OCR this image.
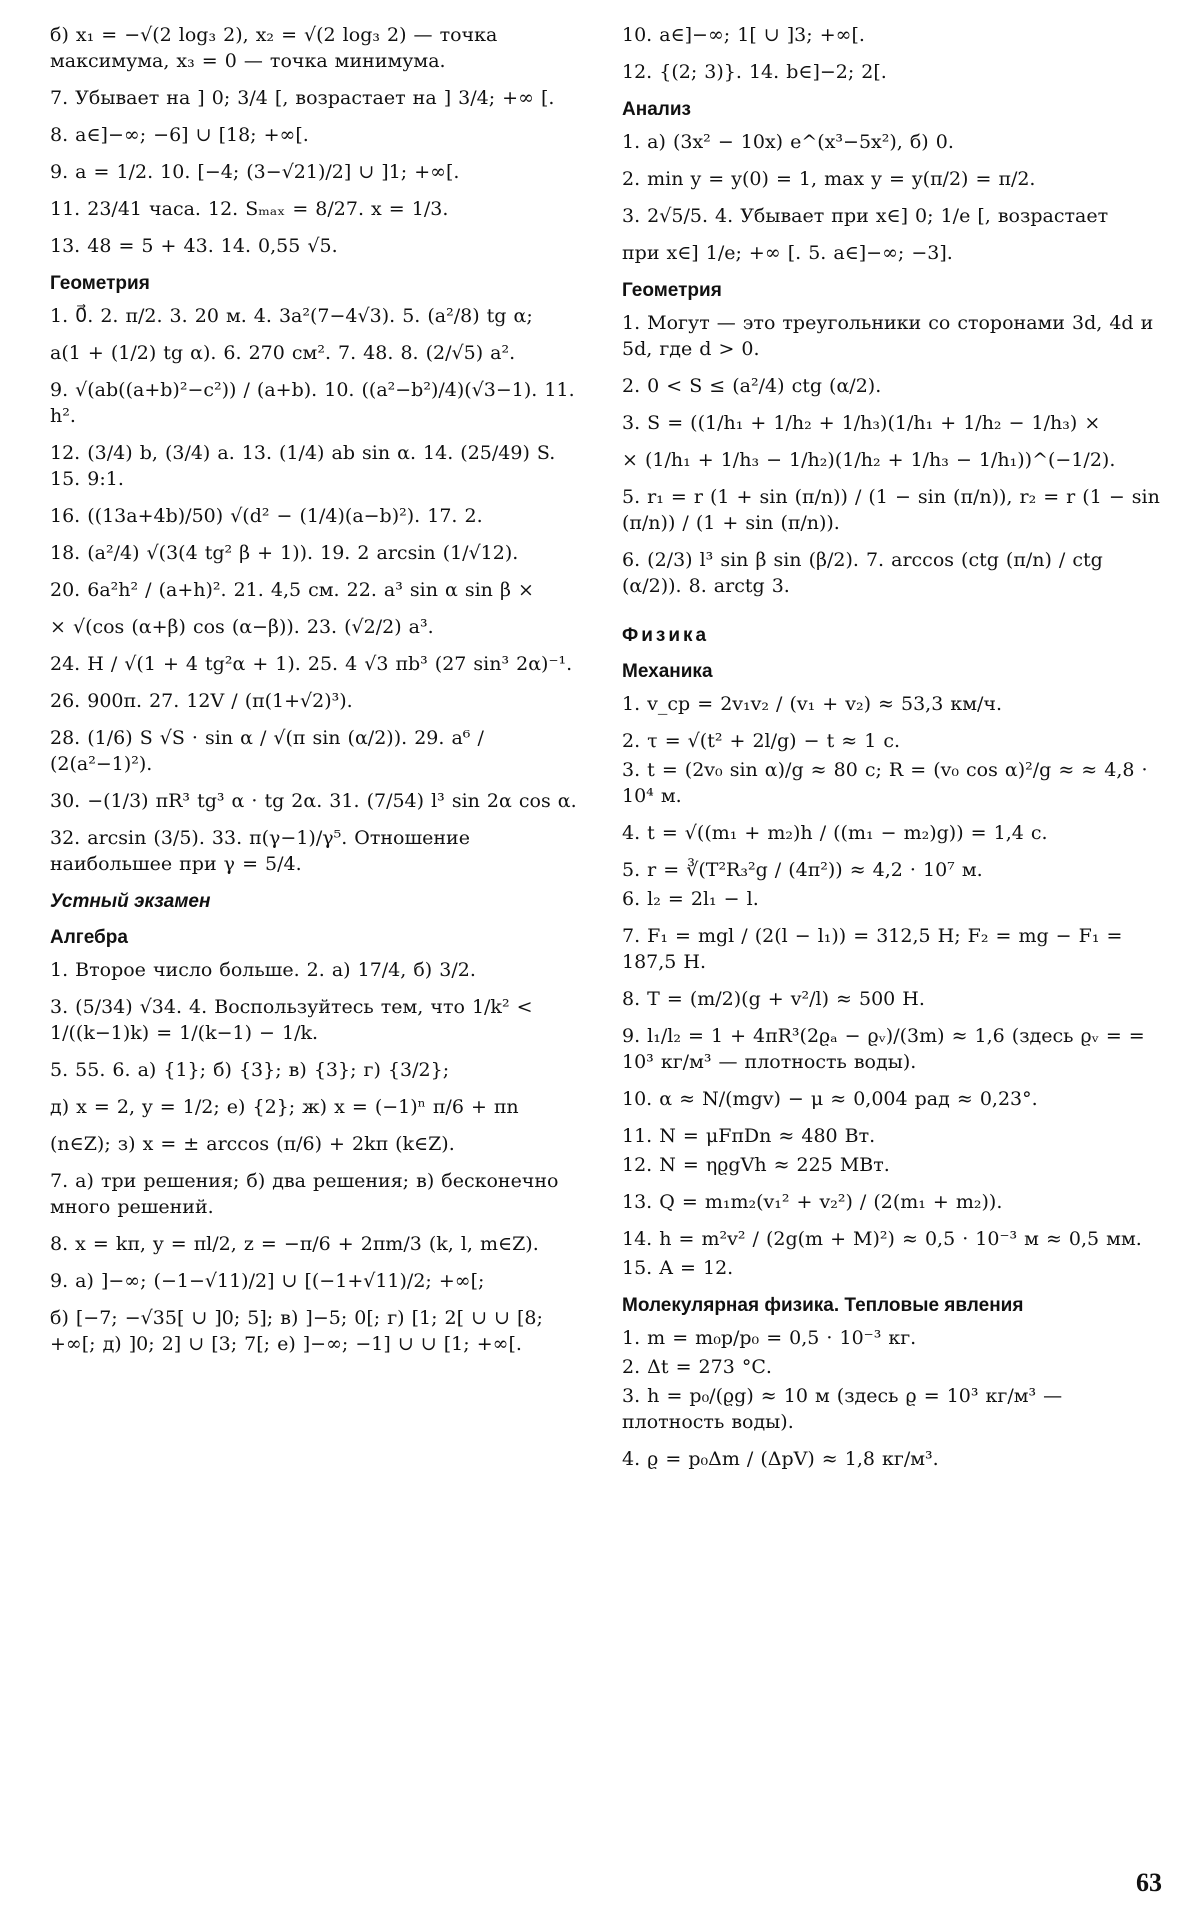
б) x₁ = −√(2 log₃ 2), x₂ = √(2 log₃ 2) — точка максимума, x₃ = 0 — точка минимума.
7. Убывает на ] 0; 3/4 [, возрастает на ] 3/4; +∞ [.
8. a∈]−∞; −6] ∪ [18; +∞[.
9. a = 1/2. 10. [−4; (3−√21)/2] ∪ ]1; +∞[.
11. 23/41 часа. 12. Sₘₐₓ = 8/27. x = 1/3.
13. 48 = 5 + 43. 14. 0,55 √5.
Геометрия
1. 0⃗. 2. π/2. 3. 20 м. 4. 3a²(7−4√3). 5. (a²/8) tg α;
a(1 + (1/2) tg α). 6. 270 см². 7. 48. 8. (2/√5) a².
9. √(ab((a+b)²−c²)) / (a+b). 10. ((a²−b²)/4)(√3−1). 11. h².
12. (3/4) b, (3/4) a. 13. (1/4) ab sin α. 14. (25/49) S. 15. 9:1.
16. ((13a+4b)/50) √(d² − (1/4)(a−b)²). 17. 2.
18. (a²/4) √(3(4 tg² β + 1)). 19. 2 arcsin (1/√12).
20. 6a²h² / (a+h)². 21. 4,5 см. 22. a³ sin α sin β ×
× √(cos (α+β) cos (α−β)). 23. (√2/2) a³.
24. H / √(1 + 4 tg²α + 1). 25. 4 √3 πb³ (27 sin³ 2α)⁻¹.
26. 900π. 27. 12V / (π(1+√2)³).
28. (1/6) S √S · sin α / √(π sin (α/2)). 29. a⁶ / (2(a²−1)²).
30. −(1/3) πR³ tg³ α · tg 2α. 31. (7/54) l³ sin 2α cos α.
32. arcsin (3/5). 33. π(γ−1)/γ⁵. Отношение наибольшее при γ = 5/4.
Устный экзамен
Алгебра
1. Второе число больше. 2. а) 17/4, б) 3/2.
3. (5/34) √34. 4. Воспользуйтесь тем, что 1/k² < 1/((k−1)k) = 1/(k−1) − 1/k.
5. 55. 6. а) {1}; б) {3}; в) {3}; г) {3/2};
д) x = 2, y = 1/2; е) {2}; ж) x = (−1)ⁿ π/6 + πn
(n∈Z); з) x = ± arccos (π/6) + 2kπ (k∈Z).
7. а) три решения; б) два решения; в) бесконечно много решений.
8. x = kπ, y = πl/2, z = −π/6 + 2πm/3 (k, l, m∈Z).
9. а) ]−∞; (−1−√11)/2] ∪ [(−1+√11)/2; +∞[;
б) [−7; −√35[ ∪ ]0; 5]; в) ]−5; 0[; г) [1; 2[ ∪ ∪ [8; +∞[; д) ]0; 2] ∪ [3; 7[; е) ]−∞; −1] ∪ ∪ [1; +∞[.
10. a∈]−∞; 1[ ∪ ]3; +∞[.
12. {(2; 3)}. 14. b∈]−2; 2[.
Анализ
1. а) (3x² − 10x) e^(x³−5x²), б) 0.
2. min y = y(0) = 1, max y = y(π/2) = π/2.
3. 2√5/5. 4. Убывает при x∈] 0; 1/e [, возрастает
при x∈] 1/e; +∞ [. 5. a∈]−∞; −3].
Геометрия
1. Могут — это треугольники со сторонами 3d, 4d и 5d, где d > 0.
2. 0 < S ≤ (a²/4) ctg (α/2).
3. S = ((1/h₁ + 1/h₂ + 1/h₃)(1/h₁ + 1/h₂ − 1/h₃) ×
× (1/h₁ + 1/h₃ − 1/h₂)(1/h₂ + 1/h₃ − 1/h₁))^(−1/2).
5. r₁ = r (1 + sin (π/n)) / (1 − sin (π/n)), r₂ = r (1 − sin (π/n)) / (1 + sin (π/n)).
6. (2/3) l³ sin β sin (β/2). 7. arccos (ctg (π/n) / ctg (α/2)). 8. arctg 3.
Физика
Механика
1. v_ср = 2v₁v₂ / (v₁ + v₂) ≈ 53,3 км/ч.
2. τ = √(t² + 2l/g) − t ≈ 1 с.
3. t = (2v₀ sin α)/g ≈ 80 с; R = (v₀ cos α)²/g ≈ ≈ 4,8 · 10⁴ м.
4. t = √((m₁ + m₂)h / ((m₁ − m₂)g)) = 1,4 с.
5. r = ∛(T²R₃²g / (4π²)) ≈ 4,2 · 10⁷ м.
6. l₂ = 2l₁ − l.
7. F₁ = mgl / (2(l − l₁)) = 312,5 Н; F₂ = mg − F₁ = 187,5 Н.
8. T = (m/2)(g + v²/l) ≈ 500 Н.
9. l₁/l₂ = 1 + 4πR³(2ϱₐ − ϱᵥ)/(3m) ≈ 1,6 (здесь ϱᵥ = = 10³ кг/м³ — плотность воды).
10. α ≈ N/(mgv) − μ ≈ 0,004 рад ≈ 0,23°.
11. N = μFπDn ≈ 480 Вт.
12. N = ηϱgVh ≈ 225 МВт.
13. Q = m₁m₂(v₁² + v₂²) / (2(m₁ + m₂)).
14. h = m²v² / (2g(m + M)²) ≈ 0,5 · 10⁻³ м ≈ 0,5 мм.
15. A = 12.
Молекулярная физика. Тепловые явления
1. m = m₀p/p₀ = 0,5 · 10⁻³ кг.
2. Δt = 273 °С.
3. h = p₀/(ϱg) ≈ 10 м (здесь ϱ = 10³ кг/м³ — плотность воды).
4. ϱ = p₀Δm / (ΔpV) ≈ 1,8 кг/м³.
63
